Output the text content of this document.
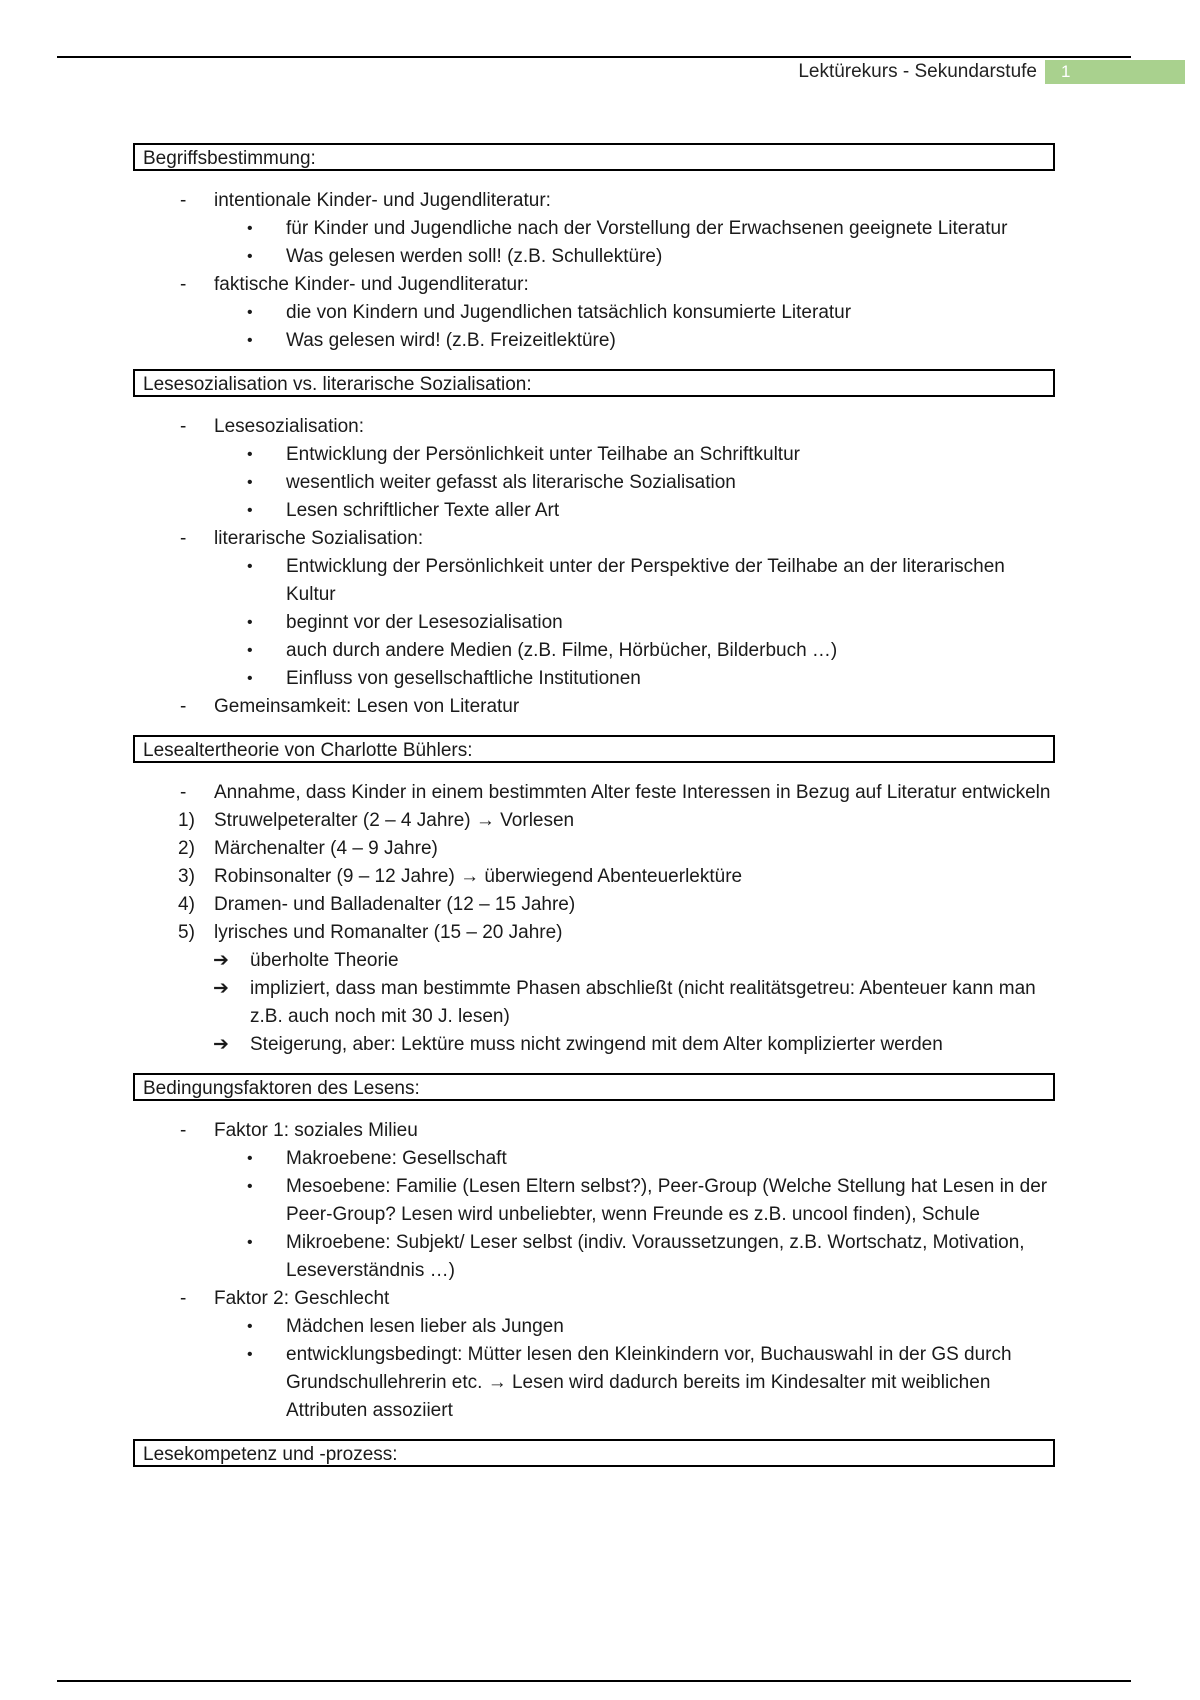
Lektürekurs - Sekundarstufe	1
Begriffsbestimmung:
- intentionale Kinder- und Jugendliteratur:
• für Kinder und Jugendliche nach der Vorstellung der Erwachsenen geeignete Literatur
• Was gelesen werden soll! (z.B. Schullektüre)
- faktische Kinder- und Jugendliteratur:
• die von Kindern und Jugendlichen tatsächlich konsumierte Literatur
• Was gelesen wird! (z.B. Freizeitlektüre)
Lesesozialisation vs. literarische Sozialisation:
- Lesesozialisation:
• Entwicklung der Persönlichkeit unter Teilhabe an Schriftkultur
• wesentlich weiter gefasst als literarische Sozialisation
• Lesen schriftlicher Texte aller Art
- literarische Sozialisation:
• Entwicklung der Persönlichkeit unter der Perspektive der Teilhabe an der literarischen Kultur
• beginnt vor der Lesesozialisation
• auch durch andere Medien (z.B. Filme, Hörbücher, Bilderbuch …)
• Einfluss von gesellschaftliche Institutionen
- Gemeinsamkeit: Lesen von Literatur
Lesealtertheorie von Charlotte Bühlers:
- Annahme, dass Kinder in einem bestimmten Alter feste Interessen in Bezug auf Literatur entwickeln
1) Struwelpeteralter (2 – 4 Jahre) → Vorlesen
2) Märchenalter (4 – 9 Jahre)
3) Robinsonalter (9 – 12 Jahre) → überwiegend Abenteuerlektüre
4) Dramen- und Balladenalter (12 – 15 Jahre)
5) lyrisches und Romanalter (15 – 20 Jahre)
➔ überholte Theorie
➔ impliziert, dass man bestimmte Phasen abschließt (nicht realitätsgetreu: Abenteuer kann man z.B. auch noch mit 30 J. lesen)
➔ Steigerung, aber: Lektüre muss nicht zwingend mit dem Alter komplizierter werden
Bedingungsfaktoren des Lesens:
- Faktor 1: soziales Milieu
• Makroebene: Gesellschaft
• Mesoebene: Familie (Lesen Eltern selbst?), Peer-Group (Welche Stellung hat Lesen in der Peer-Group? Lesen wird unbeliebter, wenn Freunde es z.B. uncool finden), Schule
• Mikroebene: Subjekt/ Leser selbst (indiv. Voraussetzungen, z.B. Wortschatz, Motivation, Leseverständnis …)
- Faktor 2: Geschlecht
• Mädchen lesen lieber als Jungen
• entwicklungsbedingt: Mütter lesen den Kleinkindern vor, Buchauswahl in der GS durch Grundschullehrerin etc. → Lesen wird dadurch bereits im Kindesalter mit weiblichen Attributen assoziiert
Lesekompetenz und -prozess:
